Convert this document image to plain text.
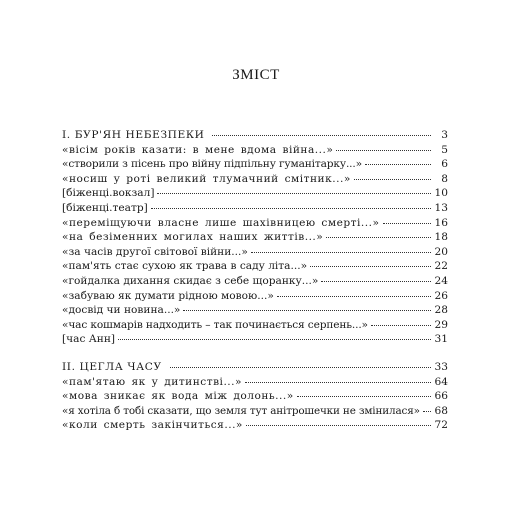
ЗМІСТ
I. БУР'ЯН НЕБЕЗПЕКИ	3
«вісім років казати: в мене вдома війна...»	5
«створили з пісень про війну підпільну гуманітарку...»	6
«носиш у роті великий тлумачний смітник...»	8
[біженці.вокзал]	10
[біженці.театр]	13
«переміщуючи власне лише шахівницею смерті...»	16
«на безіменних могилах наших життів...»	18
«за часів другої світової війни...»	20
«пам'ять стає сухою як трава в саду літа...»	22
«гойдалка дихання скидає з себе щоранку...»	24
«забуваю як думати рідною мовою...»	26
«досвід чи новина...»	28
«час кошмарів надходить – так починається серпень...»	29
[час Анн]	31
II. ЦЕГЛА ЧАСУ	33
«пам'ятаю як у дитинстві...»	64
«мова зникає як вода між долонь...»	66
«я хотіла б тобі сказати, що земля тут анітрошечки не змінилася» 68
«коли смерть закінчиться...»	72
